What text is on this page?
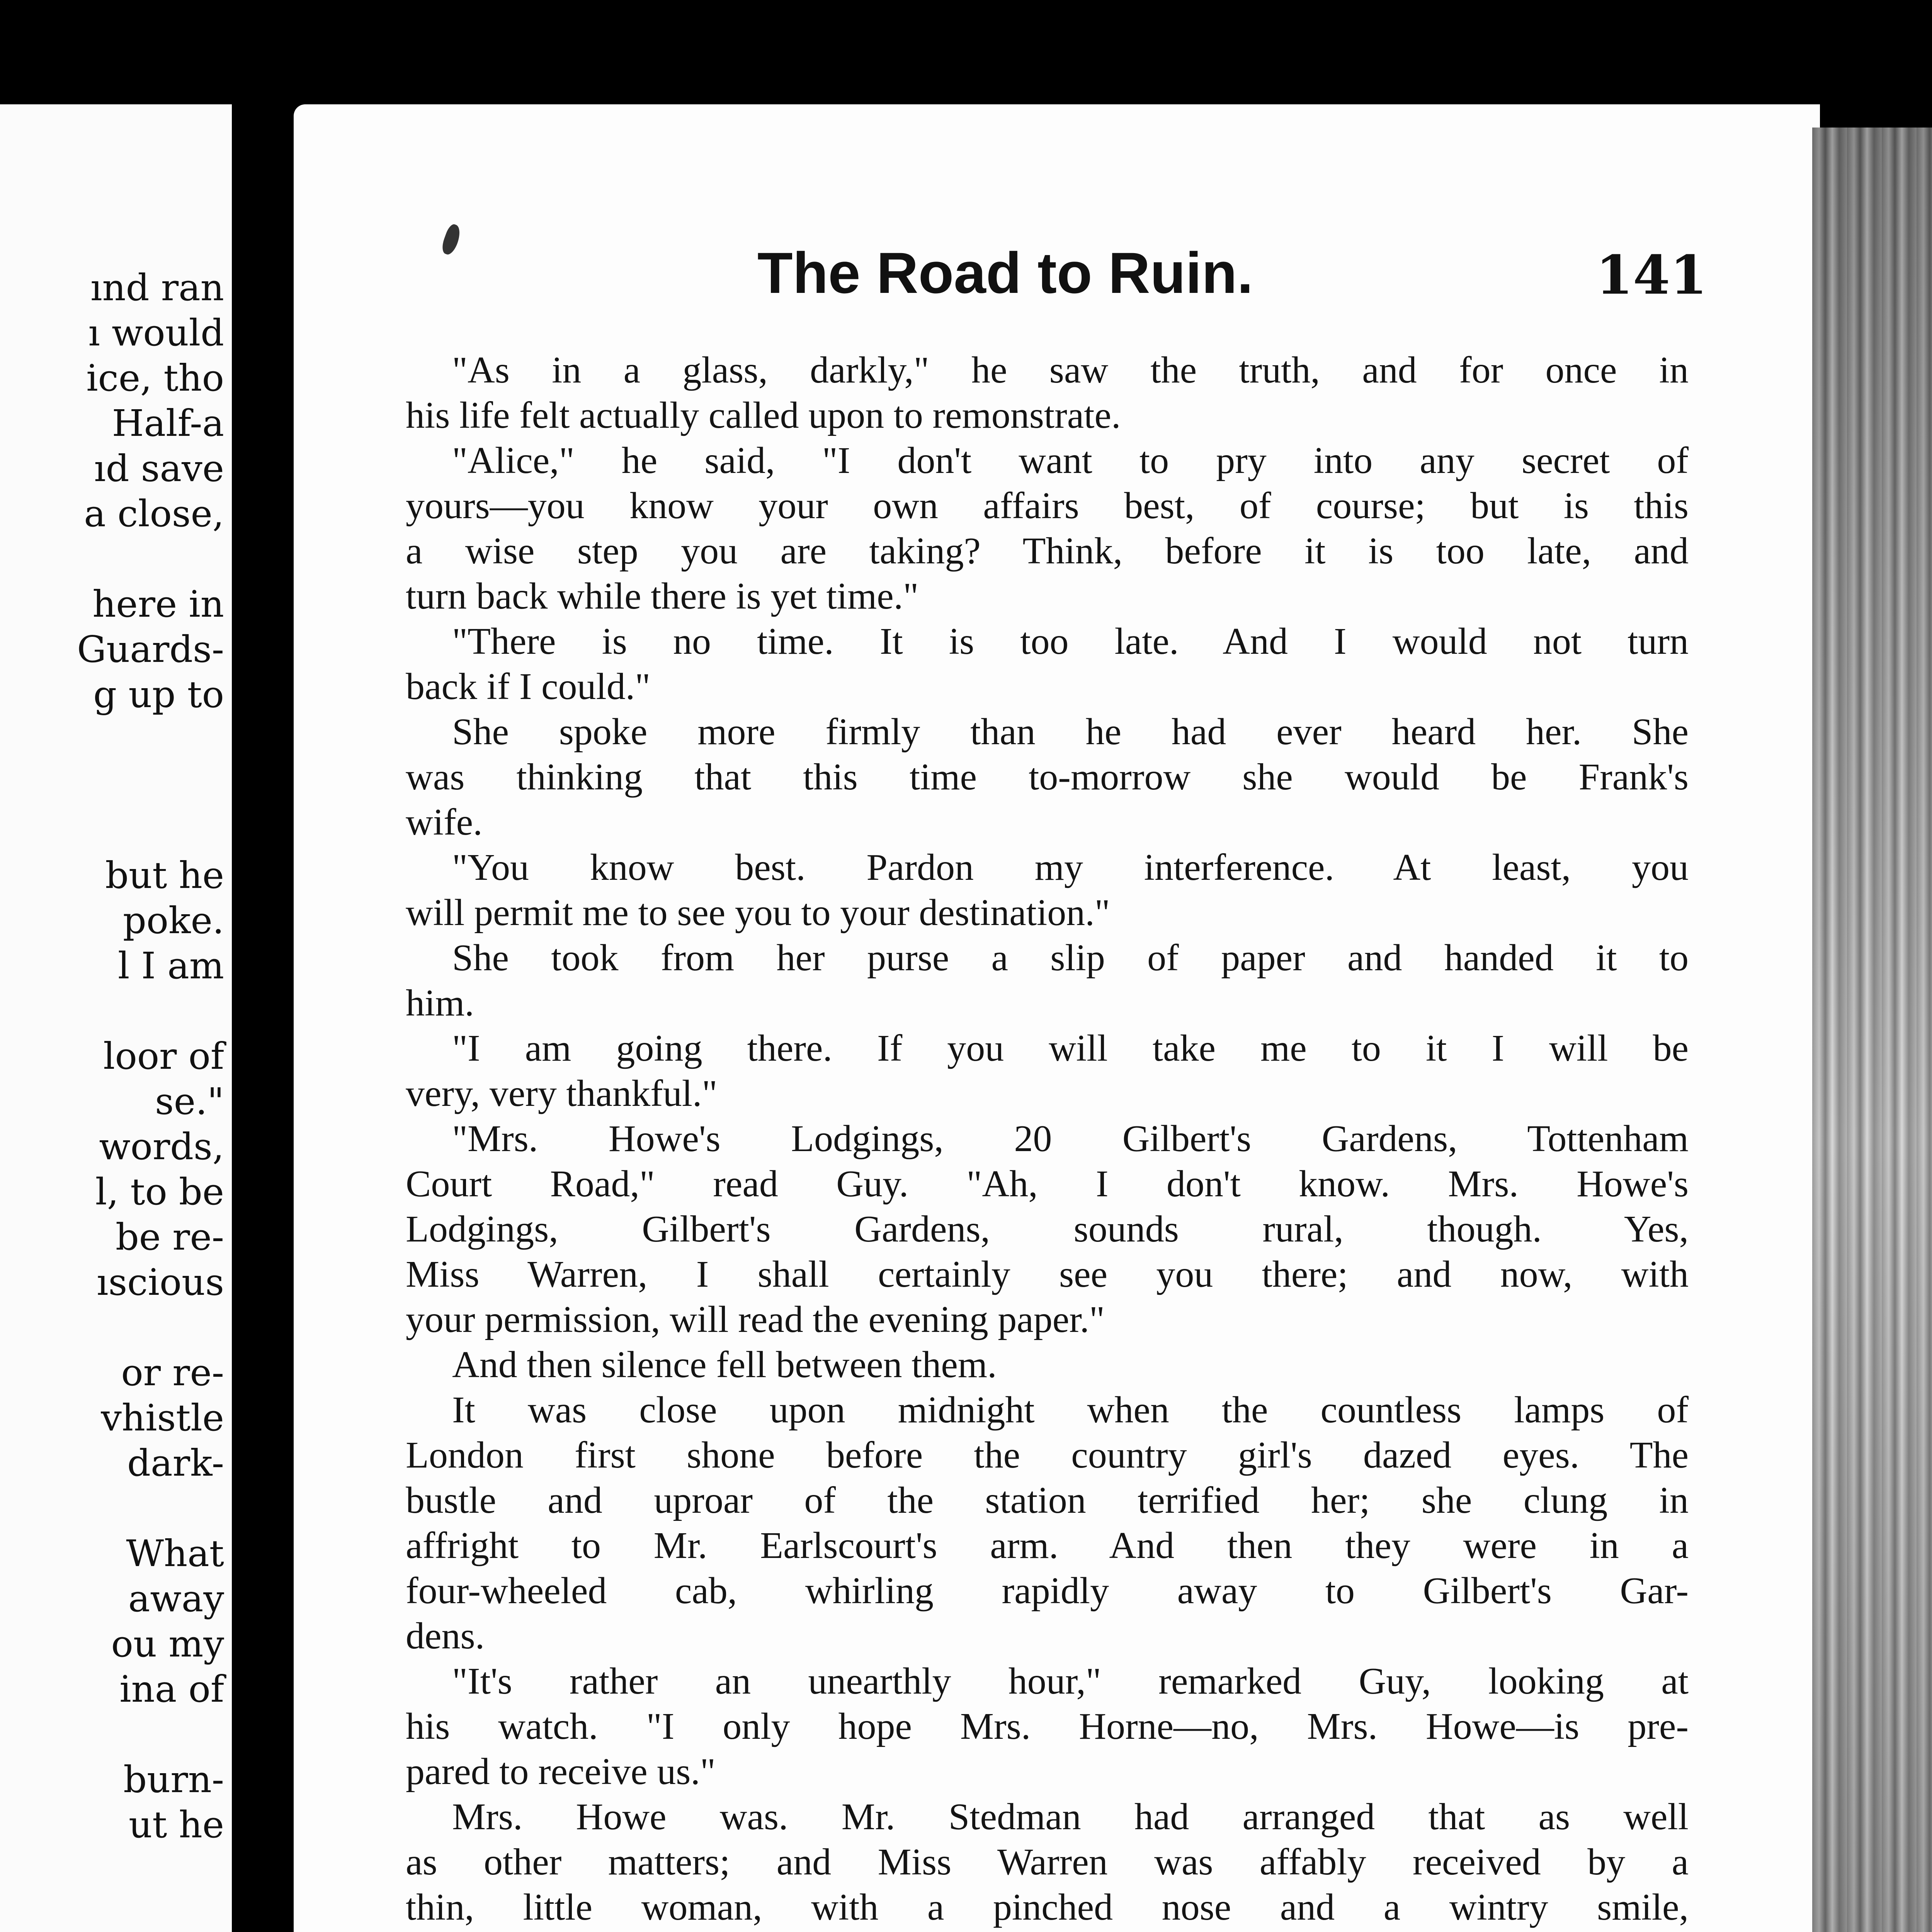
ınd ran
ı would
ice, tho
Half-a
ıd save
a close,
here in
Guards-
g up to
but he
poke.
l I am
loor of
se."
words,
l, to be
be re-
ıscious
or re-
vhistle
dark-
What
away
ou my
ina of
burn-
ut he
The Road to Ruin.	141
"As in a glass, darkly," he saw the truth, and for once in
his life felt actually called upon to remonstrate.
"Alice," he said, "I don't want to pry into any secret of
yours—you know your own affairs best, of course; but is this
a wise step you are taking? Think, before it is too late, and
turn back while there is yet time."
"There is no time. It is too late. And I would not turn
back if I could."
She spoke more firmly than he had ever heard her. She
was thinking that this time to-morrow she would be Frank's
wife.
"You know best. Pardon my interference. At least, you
will permit me to see you to your destination."
She took from her purse a slip of paper and handed it to
him.
"I am going there. If you will take me to it I will be
very, very thankful."
"Mrs. Howe's Lodgings, 20 Gilbert's Gardens, Tottenham
Court Road," read Guy. "Ah, I don't know. Mrs. Howe's
Lodgings, Gilbert's Gardens, sounds rural, though. Yes,
Miss Warren, I shall certainly see you there; and now, with
your permission, will read the evening paper."
And then silence fell between them.
It was close upon midnight when the countless lamps of
London first shone before the country girl's dazed eyes. The
bustle and uproar of the station terrified her; she clung in
affright to Mr. Earlscourt's arm. And then they were in a
four-wheeled cab, whirling rapidly away to Gilbert's Gar-
dens.
"It's rather an unearthly hour," remarked Guy, looking at
his watch. "I only hope Mrs. Horne—no, Mrs. Howe—is pre-
pared to receive us."
Mrs. Howe was. Mr. Stedman had arranged that as well
as other matters; and Miss Warren was affably received by a
thin, little woman, with a pinched nose and a wintry smile,
